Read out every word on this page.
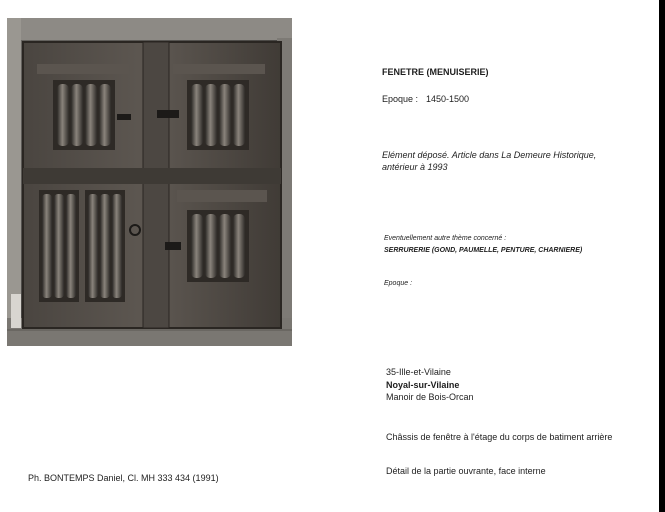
FENETRE (MENUISERIE)
Epoque : 1450-1500
Elément déposé. Article dans La Demeure Historique,
antérieur à 1993
Eventuellement autre thème concerné :
SERRURERIE (GOND, PAUMELLE, PENTURE, CHARNIERE)
Epoque :
35-Ille-et-Vilaine
Noyal-sur-Vilaine
Manoir de Bois-Orcan
Châssis de fenêtre à l'étage du corps de batiment arrière
Détail de la partie ouvrante, face interne
Ph. BONTEMPS Daniel, Cl. MH 333 434 (1991)
